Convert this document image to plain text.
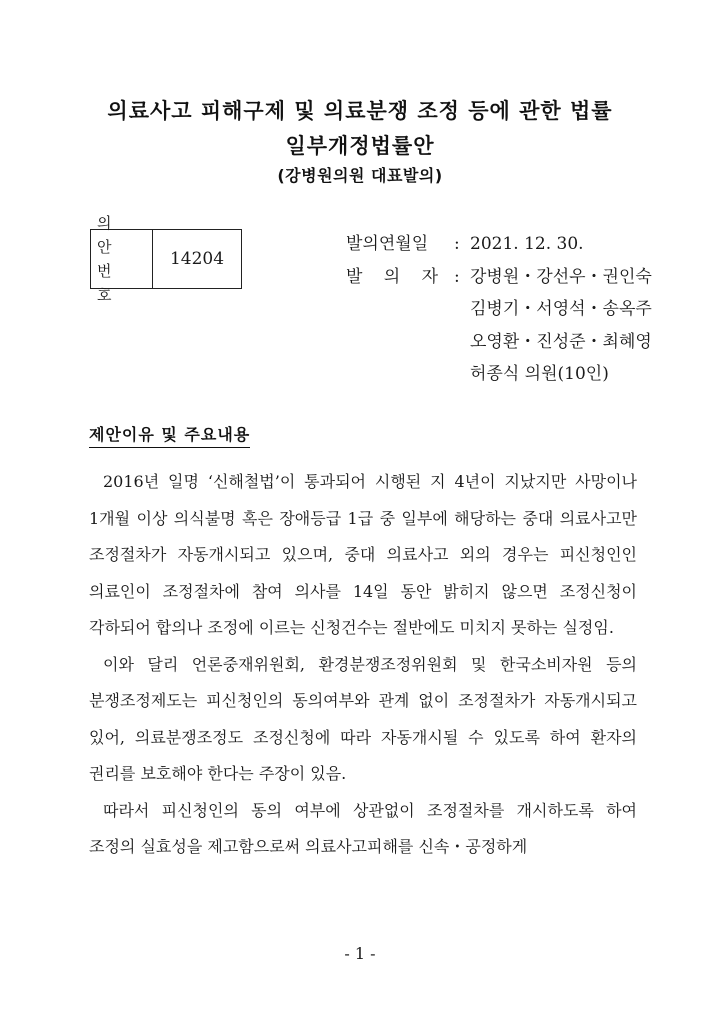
의료사고 피해구제 및 의료분쟁 조정 등에 관한 법률
일부개정법률안
(강병원의원 대표발의)
의 안
번 호
14204
발의연월일	: 2021. 12. 30.
발 의 자 : 강병원・강선우・권인숙
김병기・서영석・송옥주
오영환・진성준・최혜영
허종식 의원(10인)
제안이유 및 주요내용

2016년 일명 ‘신해철법’이 통과되어 시행된 지 4년이 지났지만 사망이나 1개월 이상 의식불명 혹은 장애등급 1급 중 일부에 해당하는 중대 의료사고만 조정절차가 자동개시되고 있으며, 중대 의료사고 외의 경우는 피신청인인 의료인이 조정절차에 참여 의사를 14일 동안 밝히지 않으면 조정신청이 각하되어 합의나 조정에 이르는 신청건수는 절반에도 미치지 못하는 실정임.

이와 달리 언론중재위원회, 환경분쟁조정위원회 및 한국소비자원 등의 분쟁조정제도는 피신청인의 동의여부와 관계 없이 조정절차가 자동개시되고 있어, 의료분쟁조정도 조정신청에 따라 자동개시될 수 있도록 하여 환자의 권리를 보호해야 한다는 주장이 있음.

따라서 피신청인의 동의 여부에 상관없이 조정절차를 개시하도록 하여 조정의 실효성을 제고함으로써 의료사고피해를 신속・공정하게

- 1 -
